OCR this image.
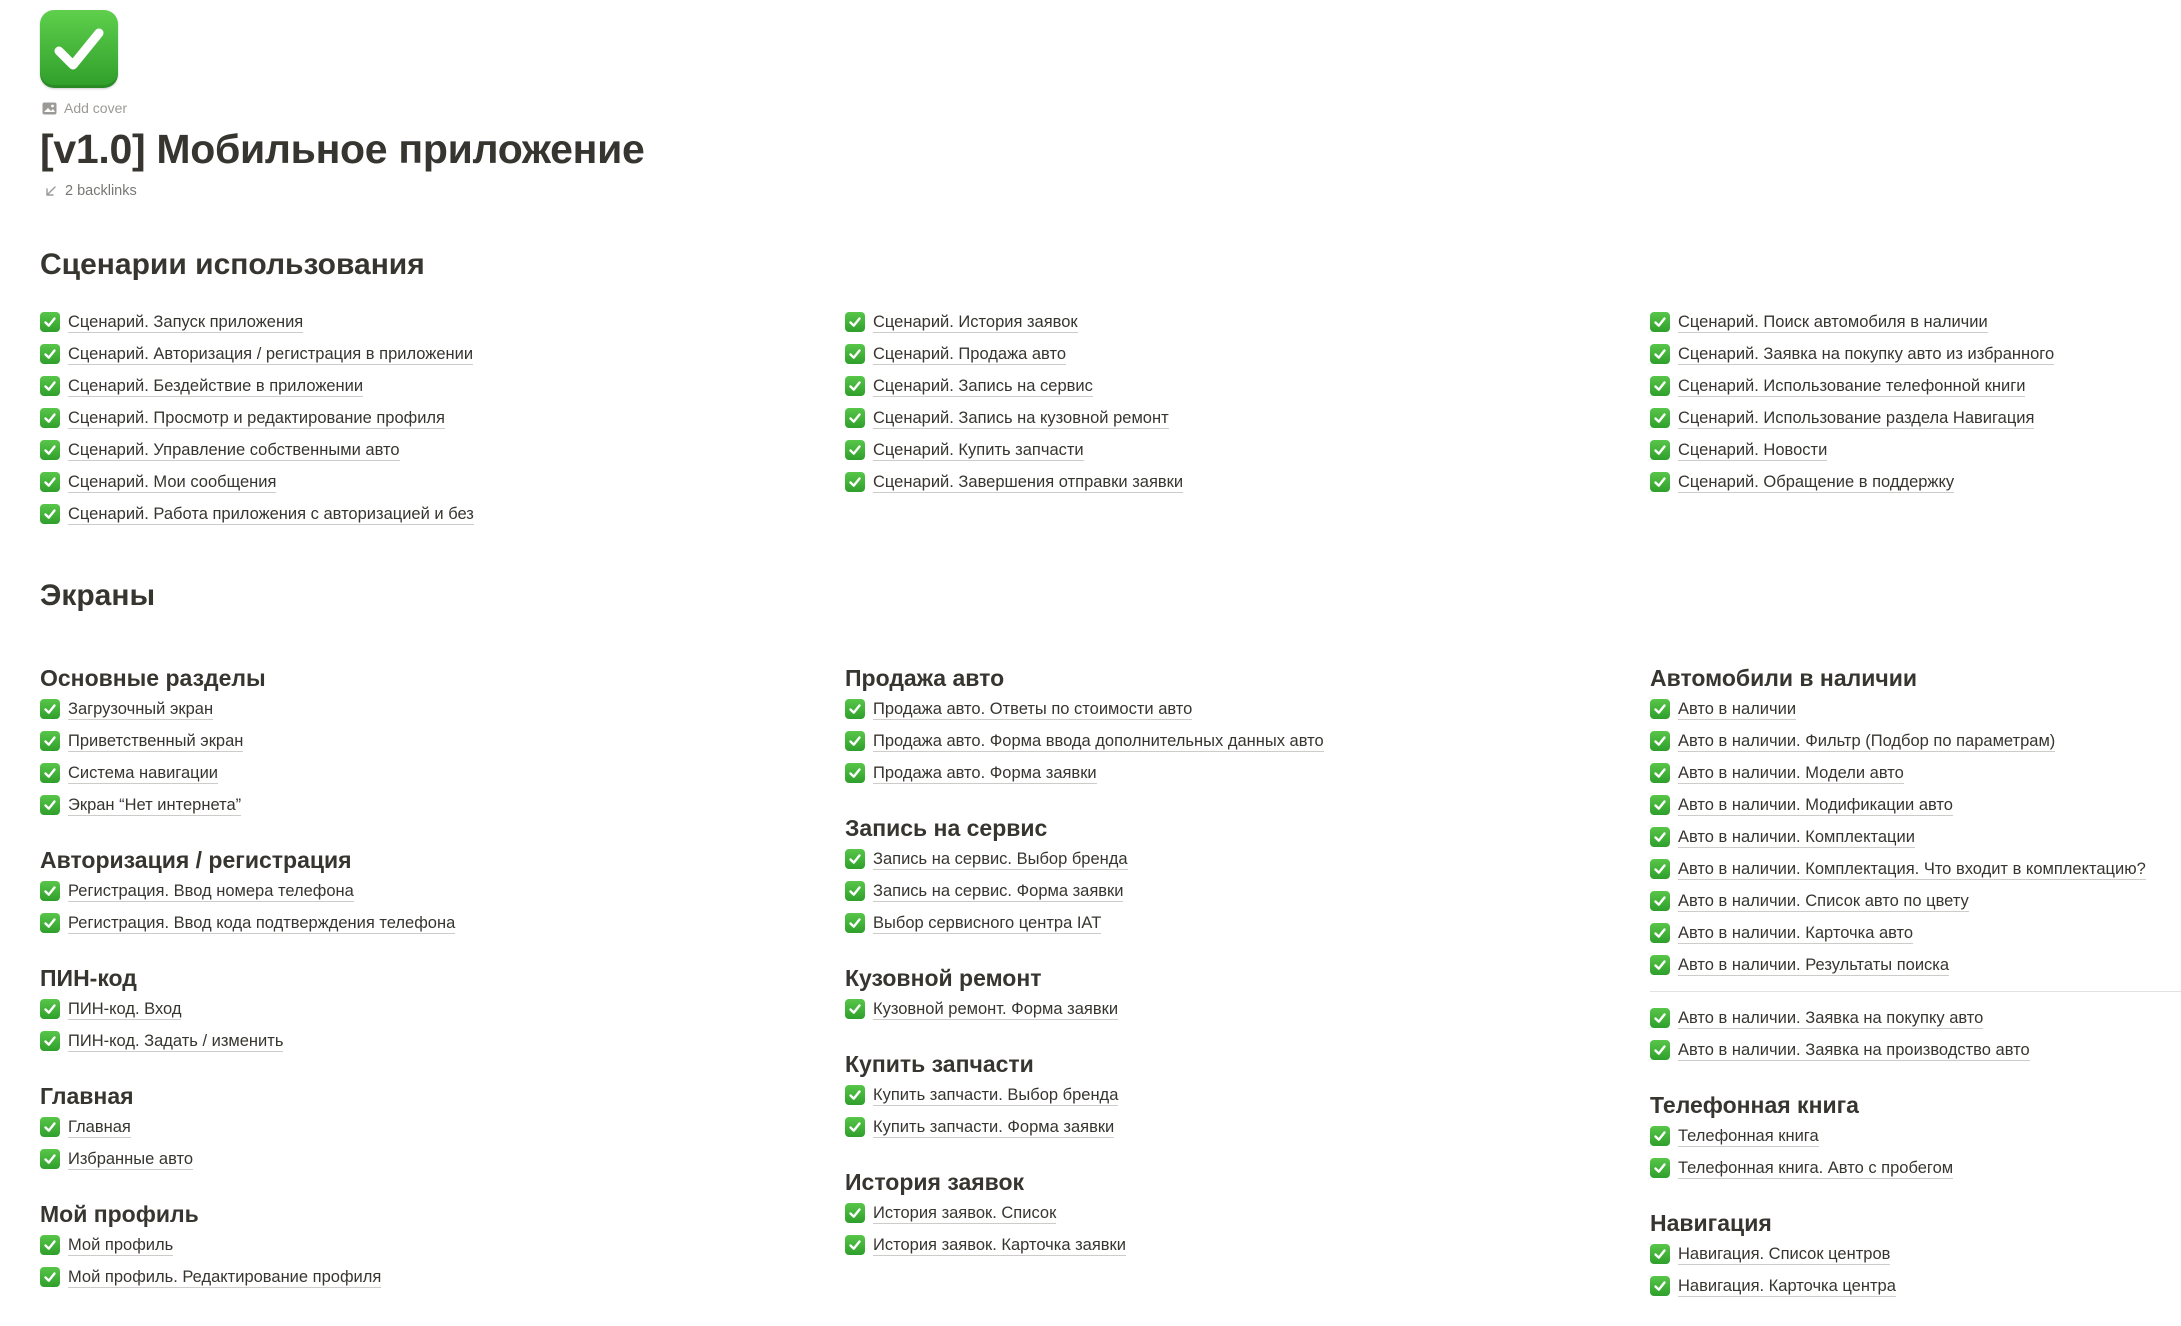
Add cover
[v1.0] Мобильное приложение
2 backlinks
Сценарии использования
Сценарий. Запуск приложения
Сценарий. Авторизация / регистрация в приложении
Сценарий. Бездействие в приложении
Сценарий. Просмотр и редактирование профиля
Сценарий. Управление собственными авто
Сценарий. Мои сообщения
Сценарий. Работа приложения с авторизацией и без
Сценарий. История заявок
Сценарий. Продажа авто
Сценарий. Запись на сервис
Сценарий. Запись на кузовной ремонт
Сценарий. Купить запчасти
Сценарий. Завершения отправки заявки
Сценарий. Поиск автомобиля в наличии
Сценарий. Заявка на покупку авто из избранного
Сценарий. Использование телефонной книги
Сценарий. Использование раздела Навигация
Сценарий. Новости
Сценарий. Обращение в поддержку
Экраны
Основные разделы
Загрузочный экран
Приветственный экран
Система навигации
Экран “Нет интернета”
Авторизация / регистрация
Регистрация. Ввод номера телефона
Регистрация. Ввод кода подтверждения телефона
ПИН-код
ПИН-код. Вход
ПИН-код. Задать / изменить
Главная
Главная
Избранные авто
Мой профиль
Мой профиль
Мой профиль. Редактирование профиля
Продажа авто
Продажа авто. Ответы по стоимости авто
Продажа авто. Форма ввода дополнительных данных авто
Продажа авто. Форма заявки
Запись на сервис
Запись на сервис. Выбор бренда
Запись на сервис. Форма заявки
Выбор сервисного центра IAT
Кузовной ремонт
Кузовной ремонт. Форма заявки
Купить запчасти
Купить запчасти. Выбор бренда
Купить запчасти. Форма заявки
История заявок
История заявок. Список
История заявок. Карточка заявки
Автомобили в наличии
Авто в наличии
Авто в наличии. Фильтр (Подбор по параметрам)
Авто в наличии. Модели авто
Авто в наличии. Модификации авто
Авто в наличии. Комплектации
Авто в наличии. Комплектация. Что входит в комплектацию?
Авто в наличии. Список авто по цвету
Авто в наличии. Карточка авто
Авто в наличии. Результаты поиска
Авто в наличии. Заявка на покупку авто
Авто в наличии. Заявка на производство авто
Телефонная книга
Телефонная книга
Телефонная книга. Авто с пробегом
Навигация
Навигация. Список центров
Навигация. Карточка центра
